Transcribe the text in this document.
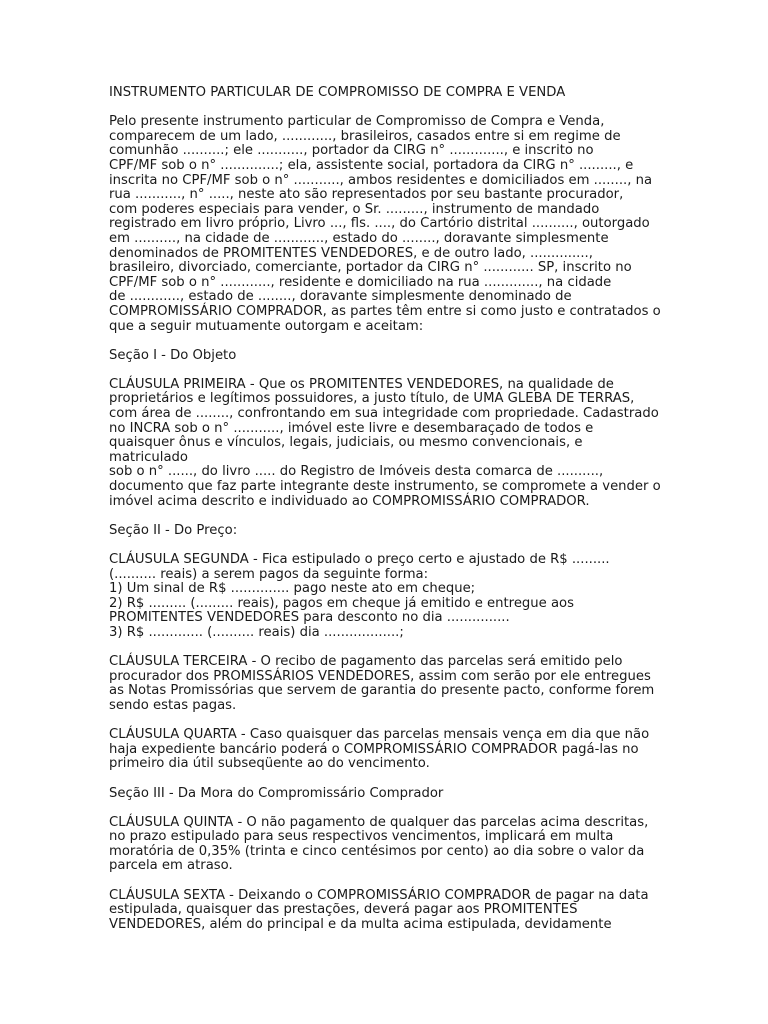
INSTRUMENTO PARTICULAR DE COMPROMISSO DE COMPRA E VENDA

Pelo presente instrumento particular de Compromisso de Compra e Venda,
comparecem de um lado, ............, brasileiros, casados entre si em regime de
comunhão ..........; ele ..........., portador da CIRG n° ............., e inscrito no
CPF/MF sob o n° ..............; ela, assistente social, portadora da CIRG n° ........., e
inscrita no CPF/MF sob o n° ..........., ambos residentes e domiciliados em ........, na
rua ..........., n° ....., neste ato são representados por seu bastante procurador,
com poderes especiais para vender, o Sr. ........., instrumento de mandado
registrado em livro próprio, Livro ..., fls. ...., do Cartório distrital .........., outorgado
em .........., na cidade de ............, estado do ........, doravante simplesmente
denominados de PROMITENTES VENDEDORES, e de outro lado, ..............,
brasileiro, divorciado, comerciante, portador da CIRG n° ............ SP, inscrito no
CPF/MF sob o n° ............, residente e domiciliado na rua ............., na cidade
de ............, estado de ........, doravante simplesmente denominado de
COMPROMISSÁRIO COMPRADOR, as partes têm entre si como justo e contratados o
que a seguir mutuamente outorgam e aceitam:

Seção I - Do Objeto

CLÁUSULA PRIMEIRA - Que os PROMITENTES VENDEDORES, na qualidade de
proprietários e legítimos possuidores, a justo título, de UMA GLEBA DE TERRAS,
com área de ........, confrontando em sua integridade com propriedade. Cadastrado
no INCRA sob o n° ..........., imóvel este livre e desembaraçado de todos e
quaisquer ônus e vínculos, legais, judiciais, ou mesmo convencionais, e matriculado
sob o n° ......, do livro ..... do Registro de Imóveis desta comarca de ..........,
documento que faz parte integrante deste instrumento, se compromete a vender o
imóvel acima descrito e individuado ao COMPROMISSÁRIO COMPRADOR.

Seção II - Do Preço:

CLÁUSULA SEGUNDA - Fica estipulado o preço certo e ajustado de R$ .........
(.......... reais) a serem pagos da seguinte forma:
1) Um sinal de R$ .............. pago neste ato em cheque;
2) R$ ......... (......... reais), pagos em cheque já emitido e entregue aos
PROMITENTES VENDEDORES para desconto no dia ...............
3) R$ ............. (.......... reais) dia ..................;

CLÁUSULA TERCEIRA - O recibo de pagamento das parcelas será emitido pelo
procurador dos PROMISSÁRIOS VENDEDORES, assim com serão por ele entregues
as Notas Promissórias que servem de garantia do presente pacto, conforme forem
sendo estas pagas.

CLÁUSULA QUARTA - Caso quaisquer das parcelas mensais vença em dia que não
haja expediente bancário poderá o COMPROMISSÁRIO COMPRADOR pagá-las no
primeiro dia útil subseqüente ao do vencimento.

Seção III - Da Mora do Compromissário Comprador

CLÁUSULA QUINTA - O não pagamento de qualquer das parcelas acima descritas,
no prazo estipulado para seus respectivos vencimentos, implicará em multa
moratória de 0,35% (trinta e cinco centésimos por cento) ao dia sobre o valor da
parcela em atraso.

CLÁUSULA SEXTA - Deixando o COMPROMISSÁRIO COMPRADOR de pagar na data
estipulada, quaisquer das prestações, deverá pagar aos PROMITENTES
VENDEDORES, além do principal e da multa acima estipulada, devidamente
